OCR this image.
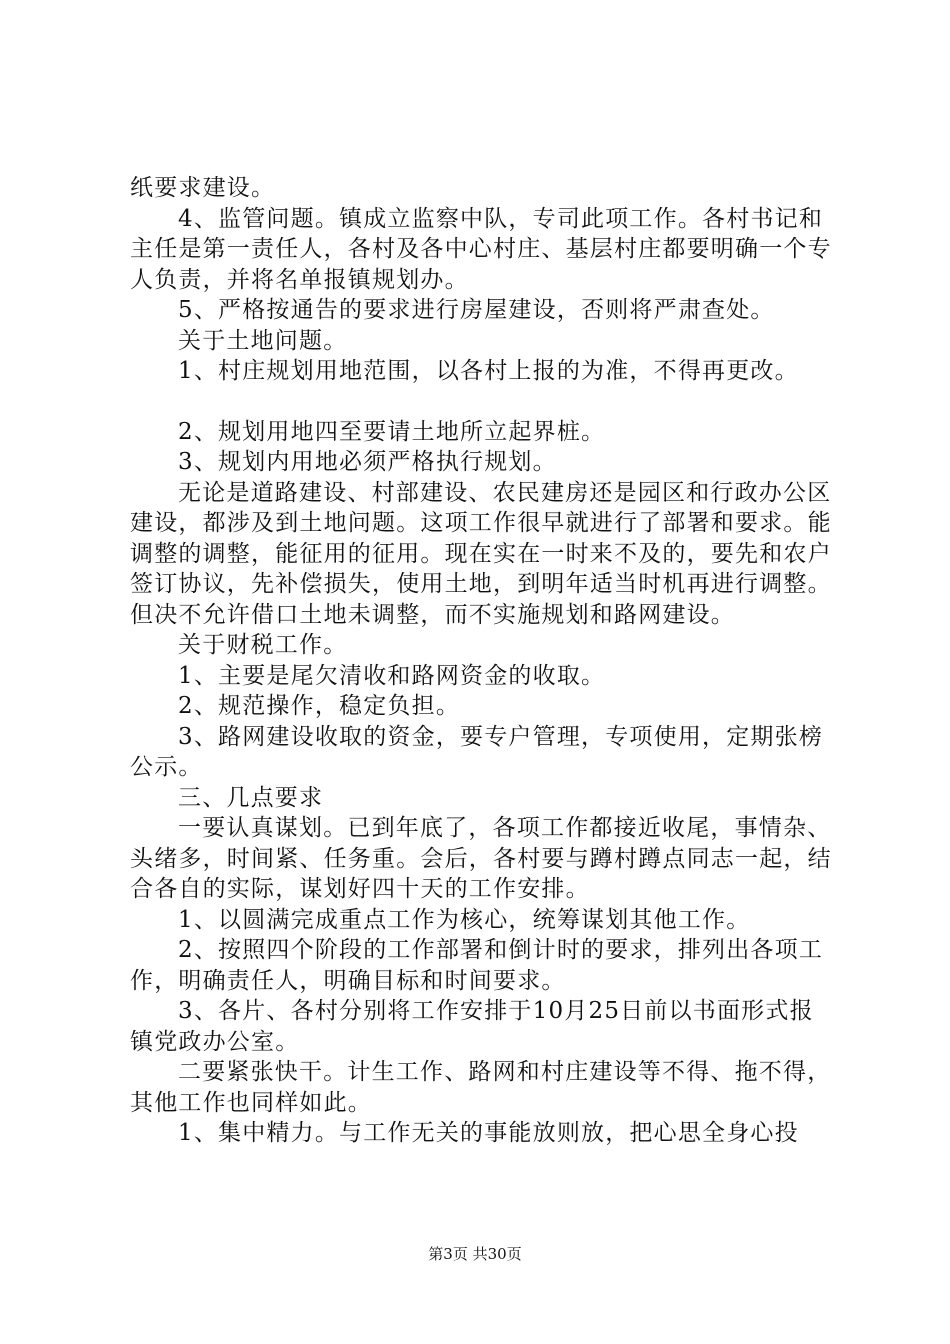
纸要求建设。

4、监管问题。镇成立监察中队，专司此项工作。各村书记和主任是第一责任人，各村及各中心村庄、基层村庄都要明确一个专人负责，并将名单报镇规划办。

5、严格按通告的要求进行房屋建设，否则将严肃查处。

关于土地问题。

1、村庄规划用地范围，以各村上报的为准，不得再更改。

2、规划用地四至要请土地所立起界桩。

3、规划内用地必须严格执行规划。

无论是道路建设、村部建设、农民建房还是园区和行政办公区建设，都涉及到土地问题。这项工作很早就进行了部署和要求。能调整的调整，能征用的征用。现在实在一时来不及的，要先和农户签订协议，先补偿损失，使用土地，到明年适当时机再进行调整。但决不允许借口土地未调整，而不实施规划和路网建设。

关于财税工作。

1、主要是尾欠清收和路网资金的收取。

2、规范操作，稳定负担。

3、路网建设收取的资金，要专户管理，专项使用，定期张榜公示。

三、几点要求

一要认真谋划。已到年底了，各项工作都接近收尾，事情杂、头绪多，时间紧、任务重。会后，各村要与蹲村蹲点同志一起，结合各自的实际，谋划好四十天的工作安排。

1、以圆满完成重点工作为核心，统筹谋划其他工作。

2、按照四个阶段的工作部署和倒计时的要求，排列出各项工作，明确责任人，明确目标和时间要求。

3、各片、各村分别将工作安排于10月25日前以书面形式报镇党政办公室。

二要紧张快干。计生工作、路网和村庄建设等不得、拖不得，其他工作也同样如此。

1、集中精力。与工作无关的事能放则放，把心思全身心投

第3页 共30页
